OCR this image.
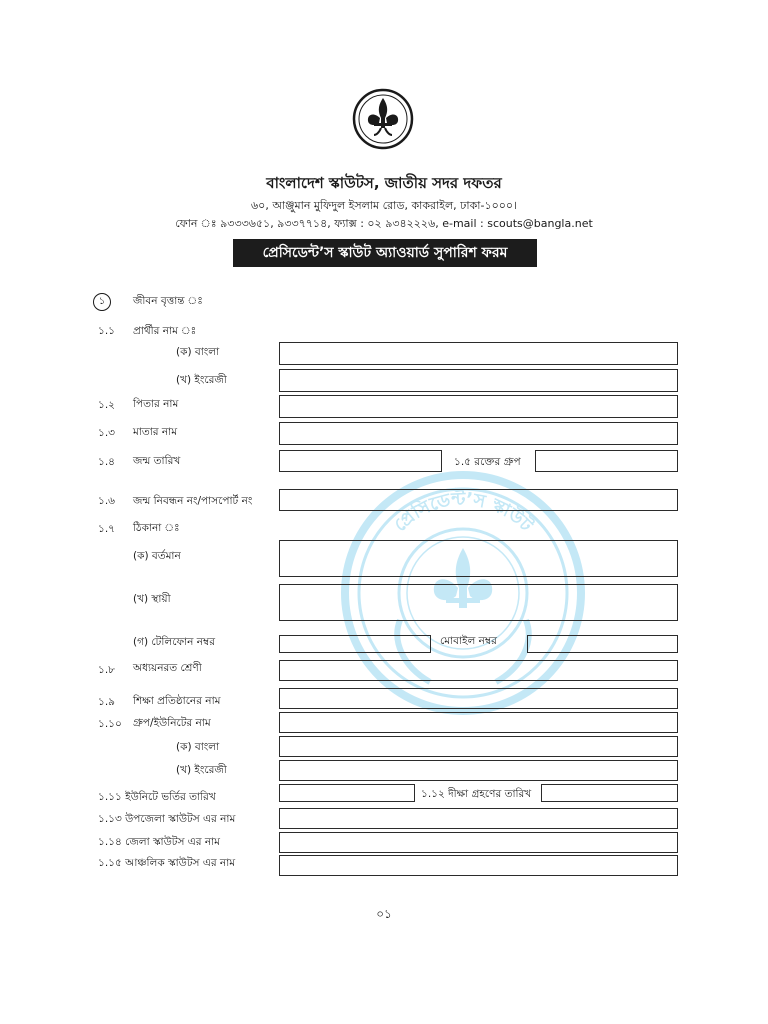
প্রেসিডেন্ট’স স্কাউট
বাংলাদেশ স্কাউটস, জাতীয় সদর দফতর
৬০, আঞ্জুমান মুফিদুল ইসলাম রোড, কাকরাইল, ঢাকা-১০০০।
ফোন ঃ ৯৩৩৩৬৫১, ৯৩৩৭৭১৪, ফ্যাক্স : ০২ ৯৩৪২২২৬, e-mail : scouts@bangla.net
প্রেসিডেন্ট’স স্কাউট অ্যাওয়ার্ড সুপারিশ ফরম
১	জীবন বৃত্তান্ত ঃ
১.১ প্রার্থীর নাম ঃ
(ক) বাংলা
(খ) ইংরেজী
১.২ পিতার নাম
১.৩ মাতার নাম
১.৪ জন্ম তারিখ	১.৫ রক্তের গ্রুপ
১.৬ জন্ম নিবন্ধন নং/পাসপোর্ট নং
১.৭ ঠিকানা ঃ
(ক) বর্তমান
(খ) স্থায়ী
(গ) টেলিফোন নম্বর	মোবাইল নম্বর
১.৮ অধ্যয়নরত শ্রেণী
১.৯ শিক্ষা প্রতিষ্ঠানের নাম
১.১০ গ্রুপ/ইউনিটের নাম
(ক) বাংলা
(খ) ইংরেজী
১.১১ ইউনিটে ভর্তির তারিখ	১.১২ দীক্ষা গ্রহণের তারিখ
১.১৩ উপজেলা স্কাউটস এর নাম
১.১৪ জেলা স্কাউটস এর নাম
১.১৫ আঞ্চলিক স্কাউটস এর নাম
০১
